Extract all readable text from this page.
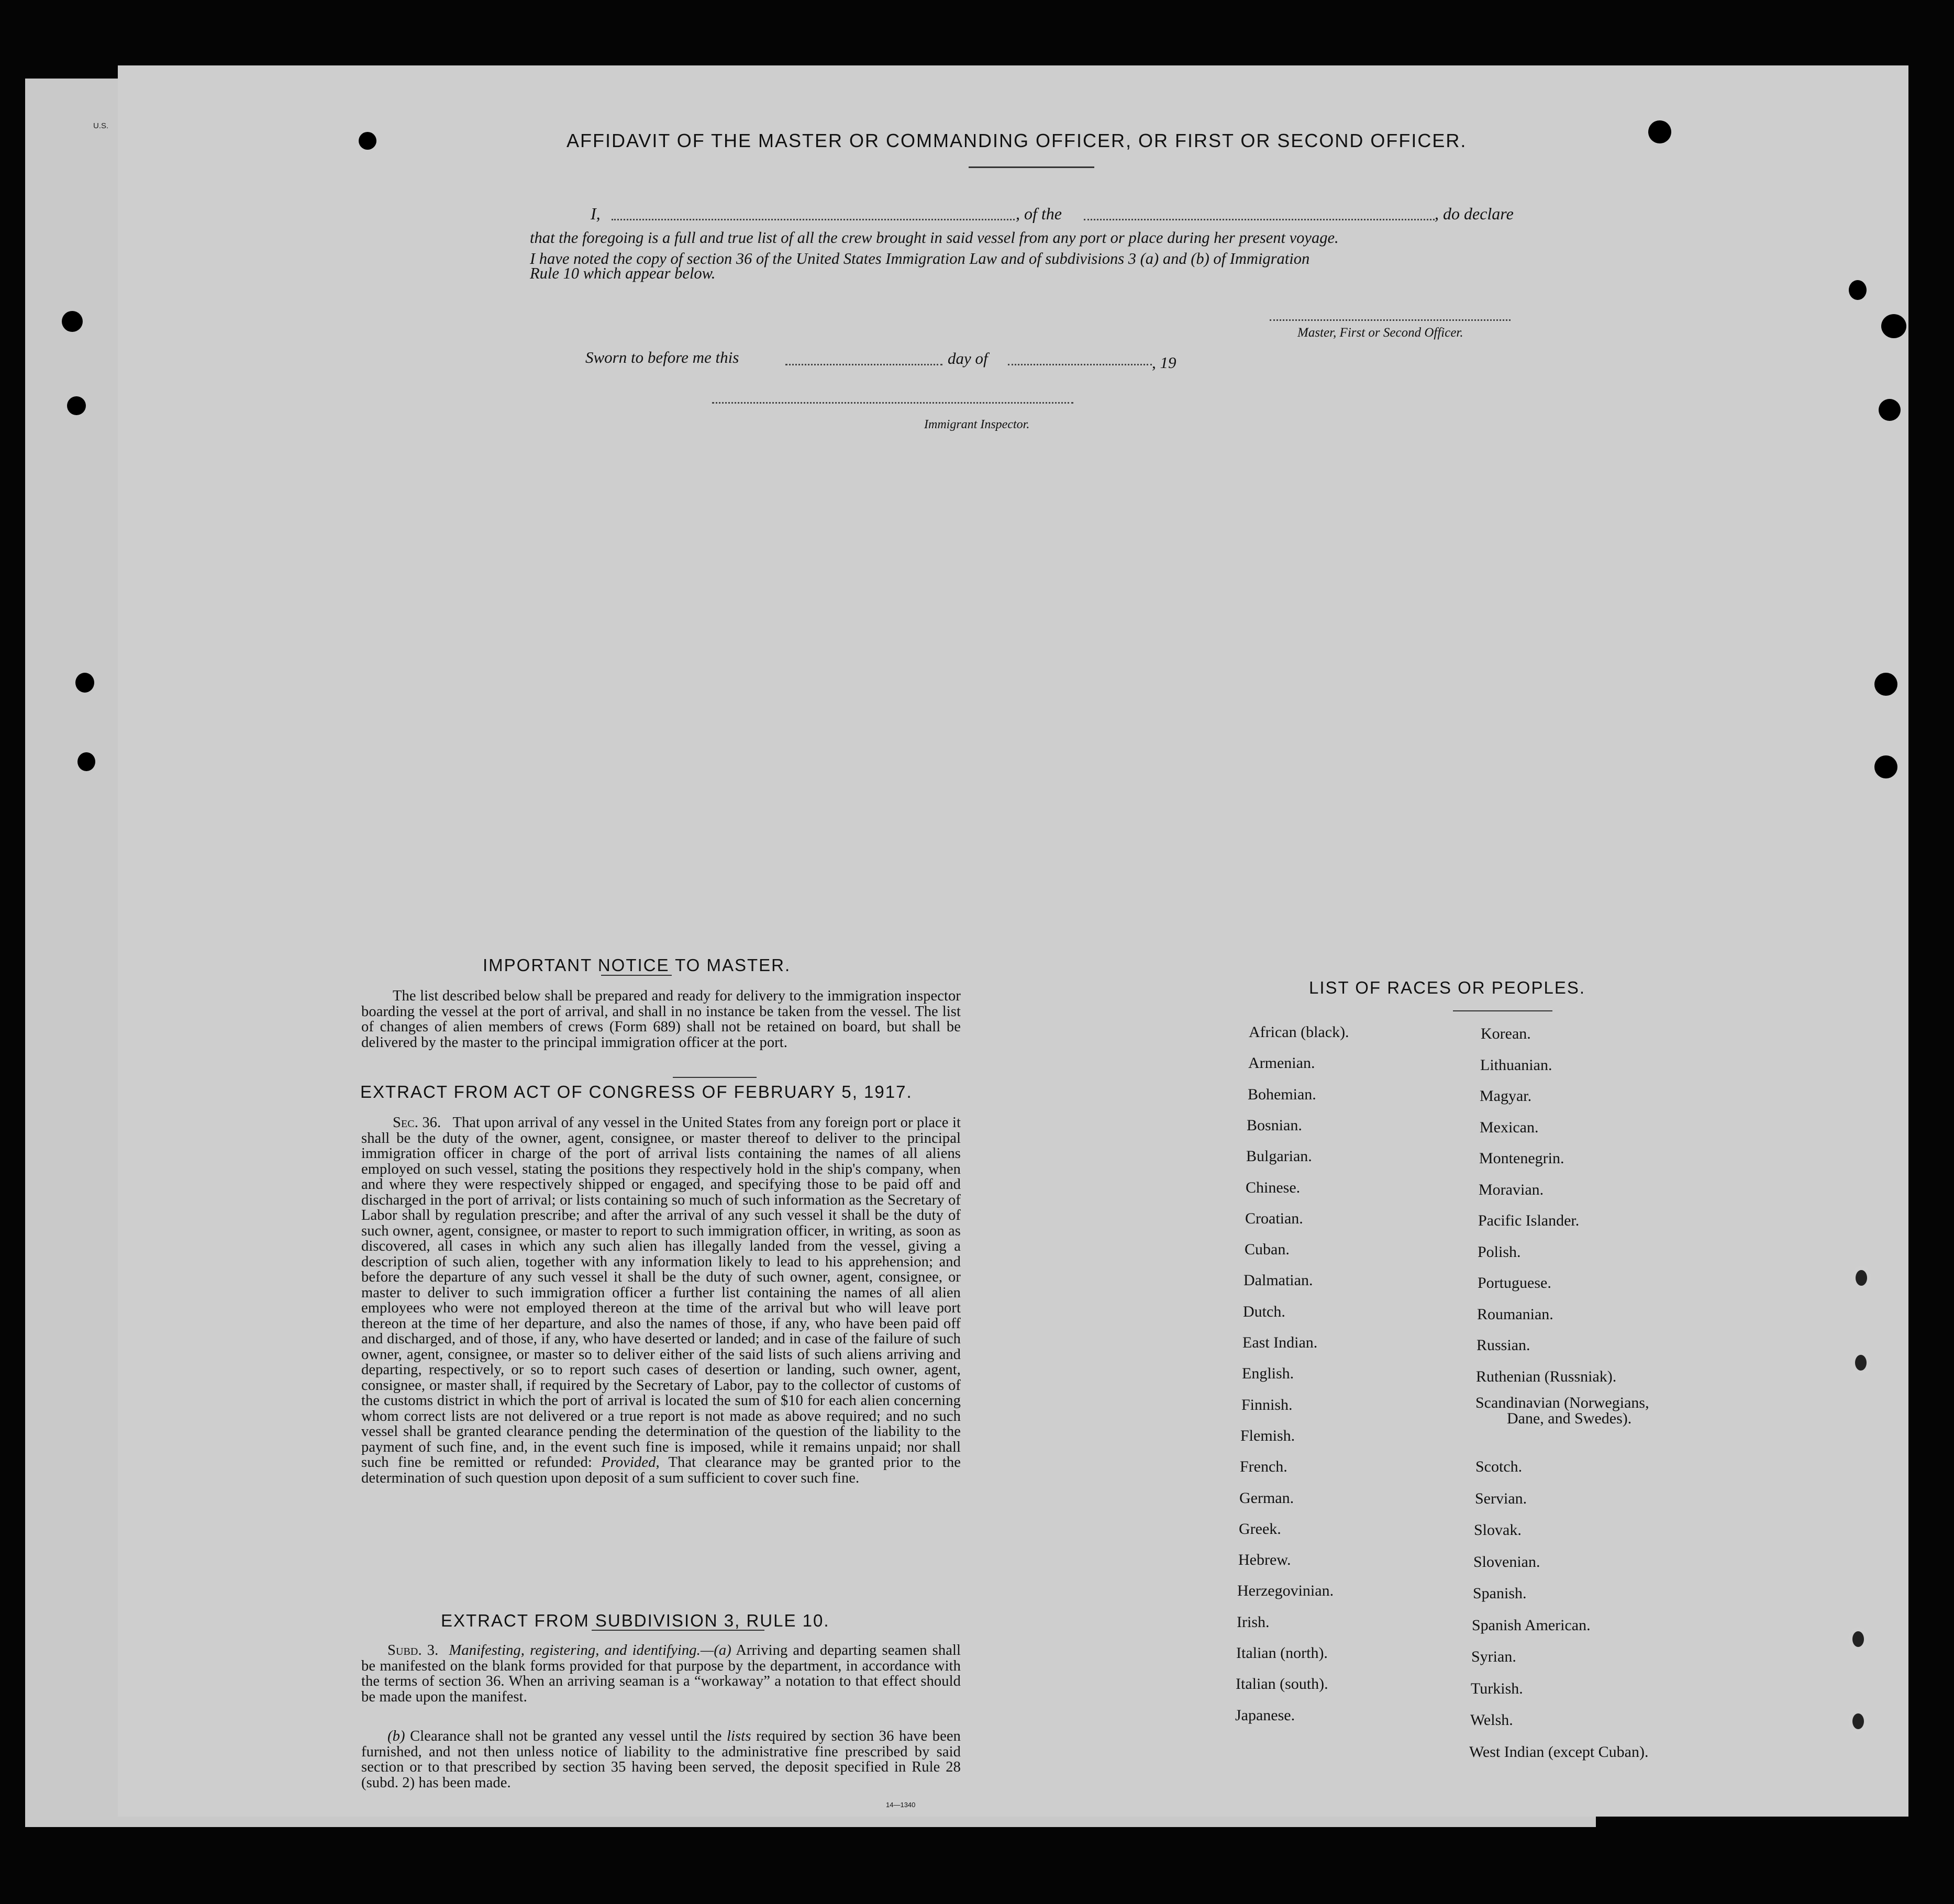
U.S.
AFFIDAVIT OF THE MASTER OR COMMANDING OFFICER, OR FIRST OR SECOND OFFICER.
I,	, of the	, do declare
that the foregoing is a full and true list of all the crew brought in said vessel from any port or place during her present voyage.
I have noted the copy of section 36 of the United States Immigration Law and of subdivisions 3 (a) and (b) of Immigration
Rule 10 which appear below.
Master, First or Second Officer.
Sworn to before me this	day of	, 19
Immigrant Inspector.
IMPORTANT NOTICE TO MASTER.
The list described below shall be prepared and ready for delivery to the immigration inspector boarding the vessel at the port of arrival, and shall in no instance be taken from the vessel. The list of changes of alien members of crews (Form 689) shall not be retained on board, but shall be delivered by the master to the principal immigration officer at the port.
EXTRACT FROM ACT OF CONGRESS OF FEBRUARY 5, 1917.
Sec. 36. That upon arrival of any vessel in the United States from any foreign port or place it shall be the duty of the owner, agent, consignee, or master thereof to deliver to the principal immigration officer in charge of the port of arrival lists containing the names of all aliens employed on such vessel, stating the positions they respectively hold in the ship's company, when and where they were respectively shipped or engaged, and specifying those to be paid off and discharged in the port of arrival; or lists containing so much of such information as the Secretary of Labor shall by regulation prescribe; and after the arrival of any such vessel it shall be the duty of such owner, agent, consignee, or master to report to such immigration officer, in writing, as soon as discovered, all cases in which any such alien has illegally landed from the vessel, giving a description of such alien, together with any information likely to lead to his apprehension; and before the departure of any such vessel it shall be the duty of such owner, agent, consignee, or master to deliver to such immigration officer a further list containing the names of all alien employees who were not employed thereon at the time of the arrival but who will leave port thereon at the time of her departure, and also the names of those, if any, who have been paid off and discharged, and of those, if any, who have deserted or landed; and in case of the failure of such owner, agent, consignee, or master so to deliver either of the said lists of such aliens arriving and departing, respectively, or so to report such cases of desertion or landing, such owner, agent, consignee, or master shall, if required by the Secretary of Labor, pay to the collector of customs of the customs district in which the port of arrival is located the sum of $10 for each alien concerning whom correct lists are not delivered or a true report is not made as above required; and no such vessel shall be granted clearance pending the determination of the question of the liability to the payment of such fine, and, in the event such fine is imposed, while it remains unpaid; nor shall such fine be remitted or refunded: Provided, That clearance may be granted prior to the determination of such question upon deposit of a sum sufficient to cover such fine.
EXTRACT FROM SUBDIVISION 3, RULE 10.
Subd. 3. Manifesting, registering, and identifying.—(a) Arriving and departing seamen shall be manifested on the blank forms provided for that purpose by the department, in accordance with the terms of section 36. When an arriving seaman is a “workaway” a notation to that effect should be made upon the manifest.
(b) Clearance shall not be granted any vessel until the lists required by section 36 have been furnished, and not then unless notice of liability to the administrative fine prescribed by said section or to that prescribed by section 35 having been served, the deposit specified in Rule 28 (subd. 2) has been made.
14—1340
LIST OF RACES OR PEOPLES.
African (black).
Armenian.
Bohemian.
Bosnian.
Bulgarian.
Chinese.
Croatian.
Cuban.
Dalmatian.
Dutch.
East Indian.
English.
Finnish.
Flemish.
French.
German.
Greek.
Hebrew.
Herzegovinian.
Irish.
Italian (north).
Italian (south).
Japanese.
Korean.
Lithuanian.
Magyar.
Mexican.
Montenegrin.
Moravian.
Pacific Islander.
Polish.
Portuguese.
Roumanian.
Russian.
Ruthenian (Russniak).
Scandinavian (Norwegians,
Dane, and Swedes).
Scotch.
Servian.
Slovak.
Slovenian.
Spanish.
Spanish American.
Syrian.
Turkish.
Welsh.
West Indian (except Cuban).
